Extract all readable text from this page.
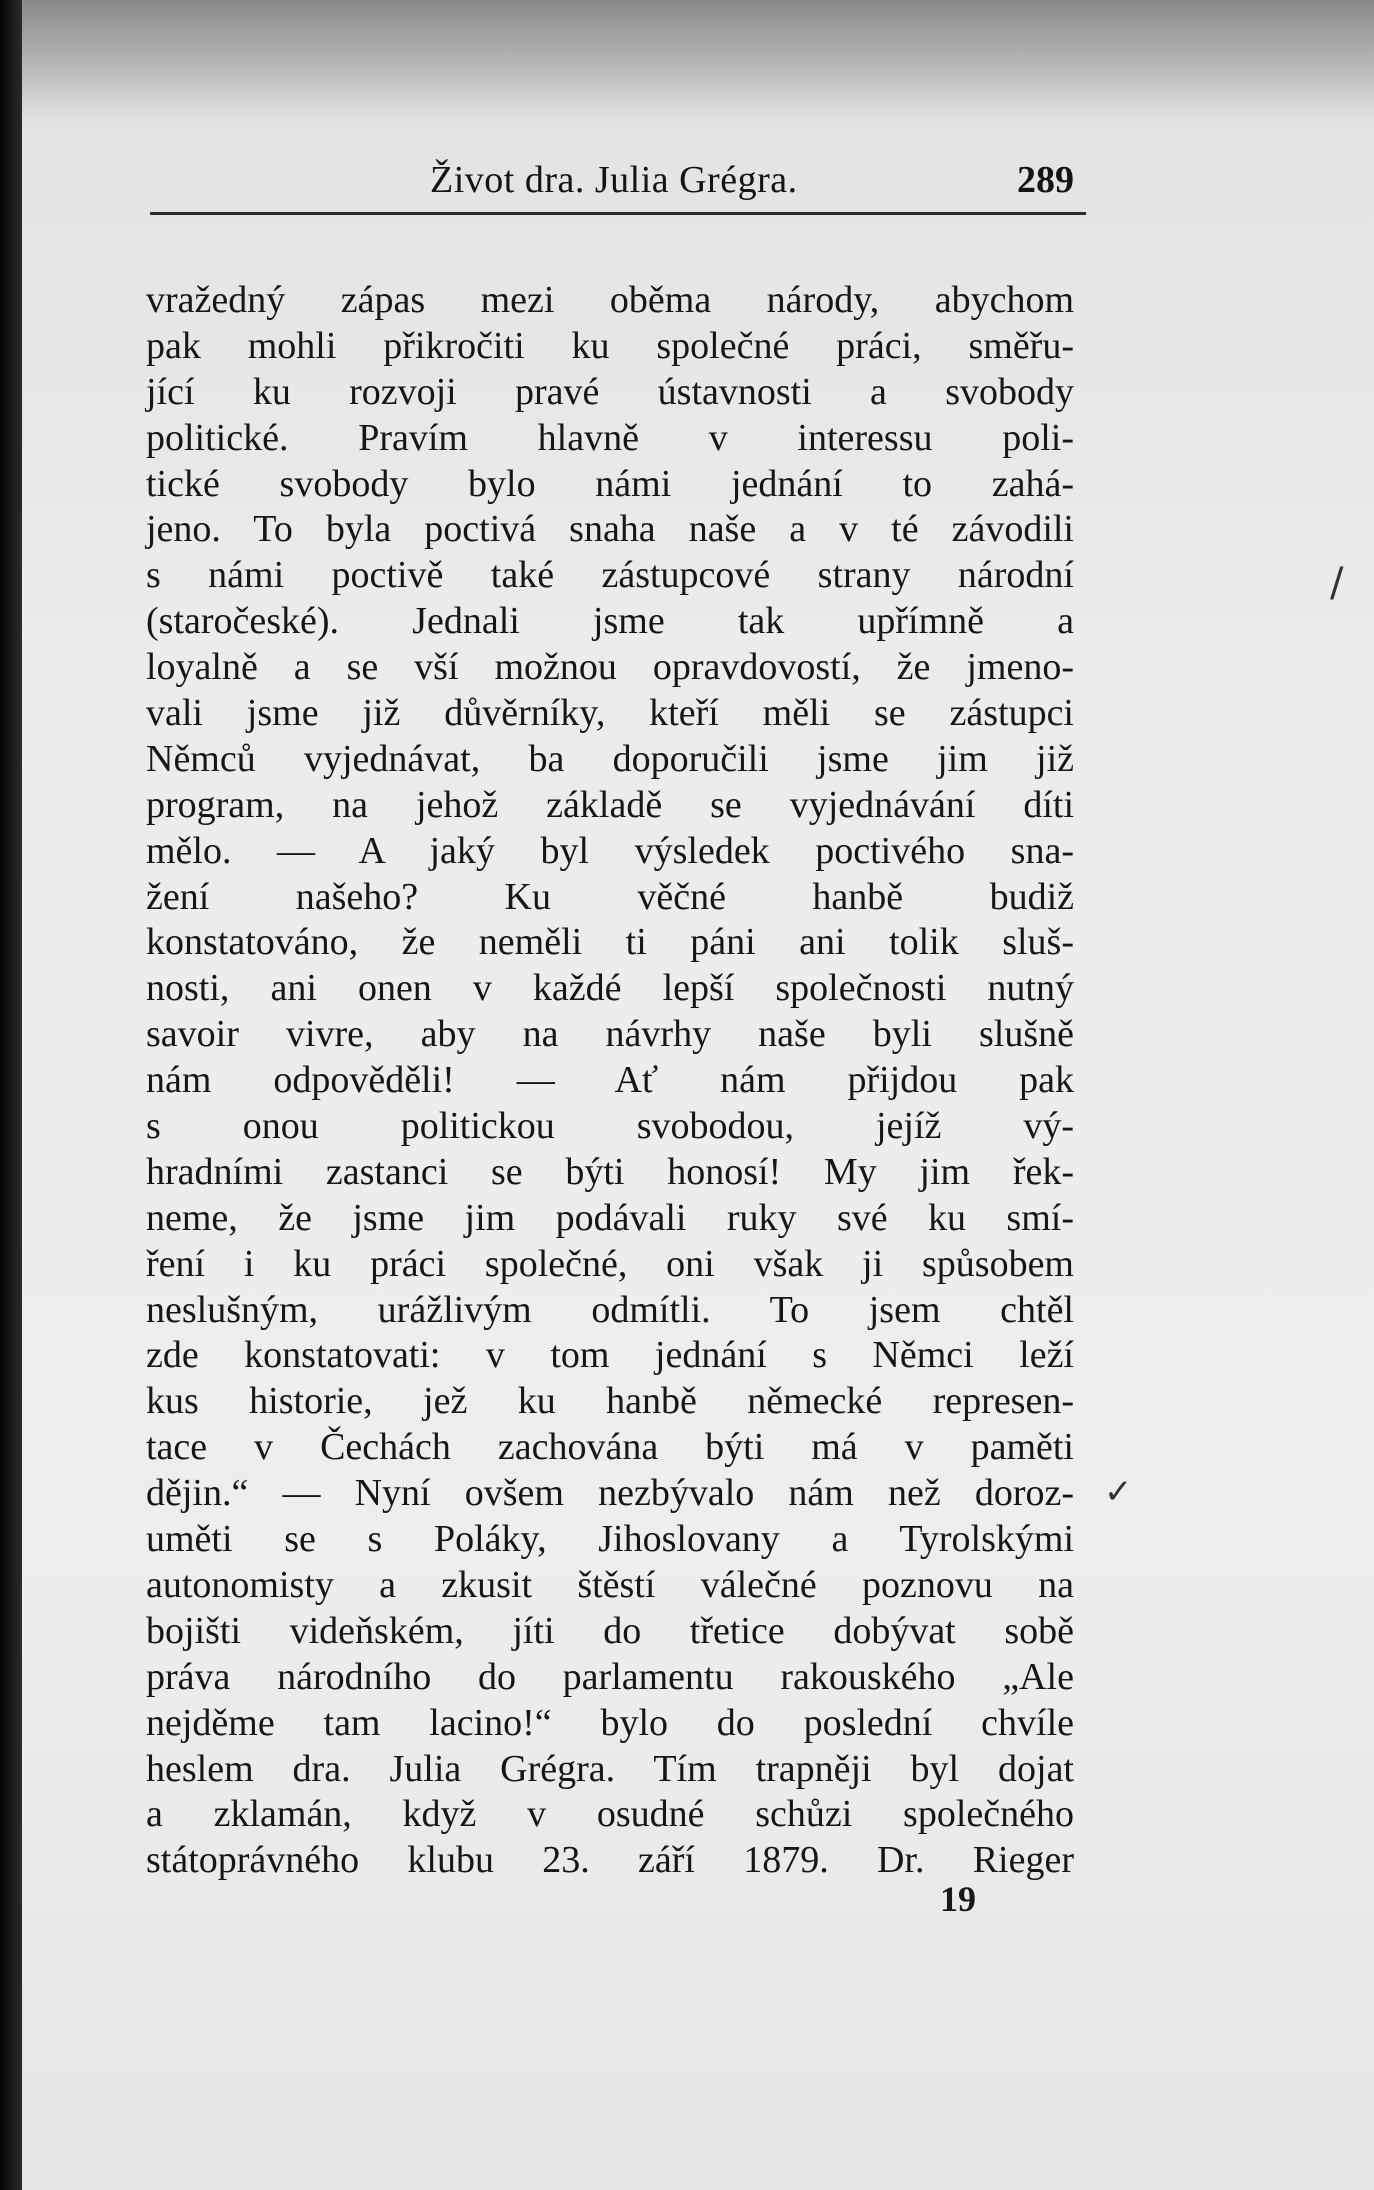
Život dra. Julia Grégra.	289
vražedný zápas mezi oběma národy, abychom
pak mohli přikročiti ku společné práci, směřu-
jící ku rozvoji pravé ústavnosti a svobody
politické. Pravím hlavně v interessu poli-
tické svobody bylo námi jednání to zahá-
jeno. To byla poctivá snaha naše a v té závodili
s námi poctivě také zástupcové strany národní
(staročeské). Jednali jsme tak upřímně a
loyalně a se vší možnou opravdovostí, že jmeno-
vali jsme již důvěrníky, kteří měli se zástupci
Němců vyjednávat, ba doporučili jsme jim již
program, na jehož základě se vyjednávání díti
mělo. — A jaký byl výsledek poctivého sna-
žení našeho? Ku věčné hanbě budiž
konstatováno, že neměli ti páni ani tolik sluš-
nosti, ani onen v každé lepší společnosti nutný
savoir vivre, aby na návrhy naše byli slušně
nám odpověděli! — Ať nám přijdou pak
s onou politickou svobodou, jejíž vý-
hradními zastanci se býti honosí! My jim řek-
neme, že jsme jim podávali ruky své ku smí-
ření i ku práci společné, oni však ji spůsobem
neslušným, urážlivým odmítli. To jsem chtěl
zde konstatovati: v tom jednání s Němci leží
kus historie, jež ku hanbě německé represen-
tace v Čechách zachována býti má v paměti
dějin.“ — Nyní ovšem nezbývalo nám než doroz-
uměti se s Poláky, Jihoslovany a Tyrolskými
autonomisty a zkusit štěstí válečné poznovu na
bojišti videňském, jíti do třetice dobývat sobě
práva národního do parlamentu rakouského „Ale
nejděme tam lacino!“ bylo do poslední chvíle
heslem dra. Julia Grégra. Tím trapněji byl dojat
a zklamán, když v osudné schůzi společného
státoprávného klubu 23. září 1879. Dr. Rieger
19
/
✓
